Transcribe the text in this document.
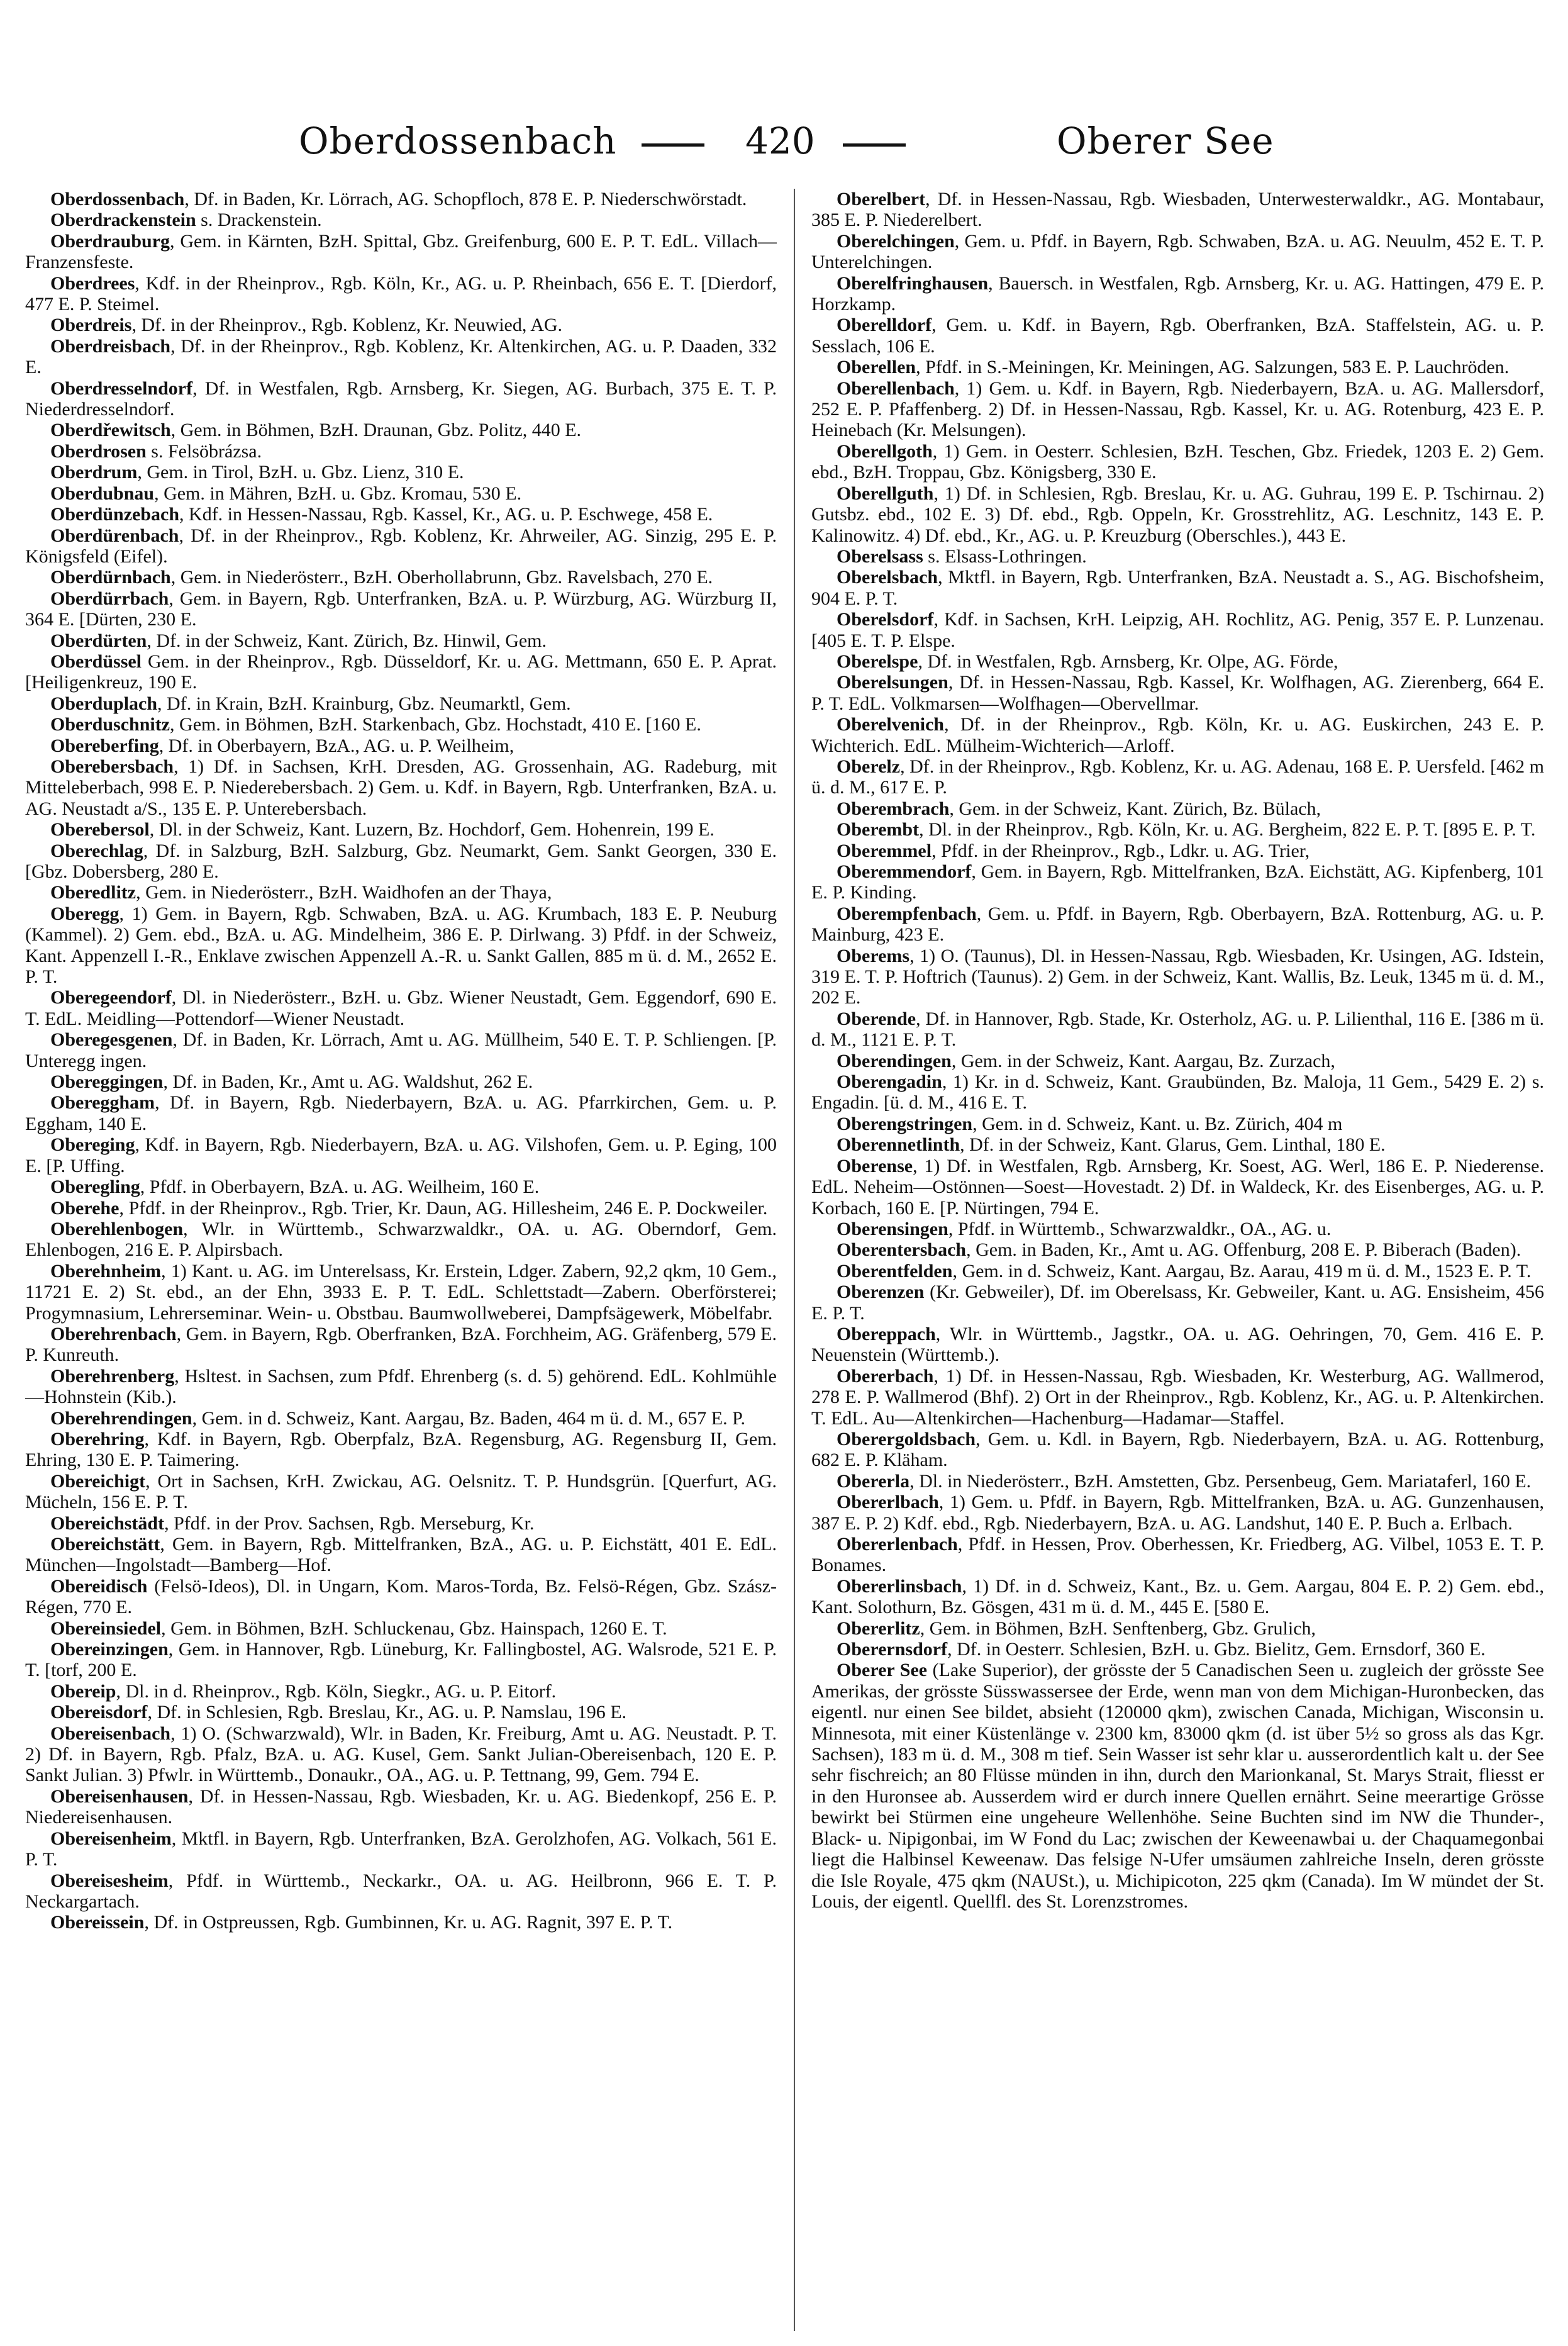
Oberdossenbach	420	Oberer See

Oberdossenbach, Df. in Baden, Kr. Lörrach, AG. Schopfloch, 878 E. P. Niederschwörstadt.

Oberdrackenstein s. Drackenstein.

Oberdrauburg, Gem. in Kärnten, BzH. Spittal, Gbz. Greifenburg, 600 E. P. T. EdL. Villach—Franzensfeste.

Oberdrees, Kdf. in der Rheinprov., Rgb. Köln, Kr., AG. u. P. Rheinbach, 656 E. T. [Dierdorf, 477 E. P. Steimel.

Oberdreis, Df. in der Rheinprov., Rgb. Koblenz, Kr. Neuwied, AG.

Oberdreisbach, Df. in der Rheinprov., Rgb. Koblenz, Kr. Altenkirchen, AG. u. P. Daaden, 332 E.

Oberdresselndorf, Df. in Westfalen, Rgb. Arnsberg, Kr. Siegen, AG. Burbach, 375 E. T. P. Niederdresselndorf.

Oberdřewitsch, Gem. in Böhmen, BzH. Draunan, Gbz. Politz, 440 E.

Oberdrosen s. Felsöbrázsa.

Oberdrum, Gem. in Tirol, BzH. u. Gbz. Lienz, 310 E.

Oberdubnau, Gem. in Mähren, BzH. u. Gbz. Kromau, 530 E.

Oberdünzebach, Kdf. in Hessen-Nassau, Rgb. Kassel, Kr., AG. u. P. Eschwege, 458 E.

Oberdürenbach, Df. in der Rheinprov., Rgb. Koblenz, Kr. Ahrweiler, AG. Sinzig, 295 E. P. Königsfeld (Eifel).

Oberdürnbach, Gem. in Niederösterr., BzH. Oberhollabrunn, Gbz. Ravelsbach, 270 E.

Oberdürrbach, Gem. in Bayern, Rgb. Unterfranken, BzA. u. P. Würzburg, AG. Würzburg II, 364 E. [Dürten, 230 E.

Oberdürten, Df. in der Schweiz, Kant. Zürich, Bz. Hinwil, Gem.

Oberdüssel Gem. in der Rheinprov., Rgb. Düsseldorf, Kr. u. AG. Mettmann, 650 E. P. Aprat. [Heiligenkreuz, 190 E.

Oberduplach, Df. in Krain, BzH. Krainburg, Gbz. Neumarktl, Gem.

Oberduschnitz, Gem. in Böhmen, BzH. Starkenbach, Gbz. Hochstadt, 410 E. [160 E.

Obereberfing, Df. in Oberbayern, BzA., AG. u. P. Weilheim,

Oberebersbach, 1) Df. in Sachsen, KrH. Dresden, AG. Grossenhain, AG. Radeburg, mit Mitteleberbach, 998 E. P. Niederebersbach. 2) Gem. u. Kdf. in Bayern, Rgb. Unterfranken, BzA. u. AG. Neustadt a/S., 135 E. P. Unterebersbach.

Oberebersol, Dl. in der Schweiz, Kant. Luzern, Bz. Hochdorf, Gem. Hohenrein, 199 E.

Oberechlag, Df. in Salzburg, BzH. Salzburg, Gbz. Neumarkt, Gem. Sankt Georgen, 330 E. [Gbz. Dobersberg, 280 E.

Oberedlitz, Gem. in Niederösterr., BzH. Waidhofen an der Thaya,

Oberegg, 1) Gem. in Bayern, Rgb. Schwaben, BzA. u. AG. Krumbach, 183 E. P. Neuburg (Kammel). 2) Gem. ebd., BzA. u. AG. Mindelheim, 386 E. P. Dirlwang. 3) Pfdf. in der Schweiz, Kant. Appenzell I.-R., Enklave zwischen Appenzell A.-R. u. Sankt Gallen, 885 m ü. d. M., 2652 E. P. T.

Oberegeendorf, Dl. in Niederösterr., BzH. u. Gbz. Wiener Neustadt, Gem. Eggendorf, 690 E. T. EdL. Meidling—Pottendorf—Wiener Neustadt.

Oberegesgenen, Df. in Baden, Kr. Lörrach, Amt u. AG. Müllheim, 540 E. T. P. Schliengen. [P. Unteregg ingen.

Obereggingen, Df. in Baden, Kr., Amt u. AG. Waldshut, 262 E.

Obereggham, Df. in Bayern, Rgb. Niederbayern, BzA. u. AG. Pfarrkirchen, Gem. u. P. Eggham, 140 E.

Obereging, Kdf. in Bayern, Rgb. Niederbayern, BzA. u. AG. Vilshofen, Gem. u. P. Eging, 100 E. [P. Uffing.

Oberegling, Pfdf. in Oberbayern, BzA. u. AG. Weilheim, 160 E.

Oberehe, Pfdf. in der Rheinprov., Rgb. Trier, Kr. Daun, AG. Hillesheim, 246 E. P. Dockweiler.

Oberehlenbogen, Wlr. in Württemb., Schwarzwaldkr., OA. u. AG. Oberndorf, Gem. Ehlenbogen, 216 E. P. Alpirsbach.

Oberehnheim, 1) Kant. u. AG. im Unterelsass, Kr. Erstein, Ldger. Zabern, 92,2 qkm, 10 Gem., 11721 E. 2) St. ebd., an der Ehn, 3933 E. P. T. EdL. Schlettstadt—Zabern. Oberförsterei; Progymnasium, Lehrerseminar. Wein- u. Obstbau. Baumwollweberei, Dampfsägewerk, Möbelfabr.

Oberehrenbach, Gem. in Bayern, Rgb. Oberfranken, BzA. Forchheim, AG. Gräfenberg, 579 E. P. Kunreuth.

Oberehrenberg, Hsltest. in Sachsen, zum Pfdf. Ehrenberg (s. d. 5) gehörend. EdL. Kohlmühle—Hohnstein (Kib.).

Oberehrendingen, Gem. in d. Schweiz, Kant. Aargau, Bz. Baden, 464 m ü. d. M., 657 E. P.

Oberehring, Kdf. in Bayern, Rgb. Oberpfalz, BzA. Regensburg, AG. Regensburg II, Gem. Ehring, 130 E. P. Taimering.

Obereichigt, Ort in Sachsen, KrH. Zwickau, AG. Oelsnitz. T. P. Hundsgrün. [Querfurt, AG. Mücheln, 156 E. P. T.

Obereichstädt, Pfdf. in der Prov. Sachsen, Rgb. Merseburg, Kr.

Obereichstätt, Gem. in Bayern, Rgb. Mittelfranken, BzA., AG. u. P. Eichstätt, 401 E. EdL. München—Ingolstadt—Bamberg—Hof.

Obereidisch (Felsö-Ideos), Dl. in Ungarn, Kom. Maros-Torda, Bz. Felsö-Régen, Gbz. Szász-Régen, 770 E.

Obereinsiedel, Gem. in Böhmen, BzH. Schluckenau, Gbz. Hainspach, 1260 E. T.

Obereinzingen, Gem. in Hannover, Rgb. Lüneburg, Kr. Fallingbostel, AG. Walsrode, 521 E. P. T. [torf, 200 E.

Obereip, Dl. in d. Rheinprov., Rgb. Köln, Siegkr., AG. u. P. Eitorf.

Obereisdorf, Df. in Schlesien, Rgb. Breslau, Kr., AG. u. P. Namslau, 196 E.

Obereisenbach, 1) O. (Schwarzwald), Wlr. in Baden, Kr. Freiburg, Amt u. AG. Neustadt. P. T. 2) Df. in Bayern, Rgb. Pfalz, BzA. u. AG. Kusel, Gem. Sankt Julian-Obereisenbach, 120 E. P. Sankt Julian. 3) Pfwlr. in Württemb., Donaukr., OA., AG. u. P. Tettnang, 99, Gem. 794 E.

Obereisenhausen, Df. in Hessen-Nassau, Rgb. Wiesbaden, Kr. u. AG. Biedenkopf, 256 E. P. Niedereisenhausen.

Obereisenheim, Mktfl. in Bayern, Rgb. Unterfranken, BzA. Gerolzhofen, AG. Volkach, 561 E. P. T.

Obereisesheim, Pfdf. in Württemb., Neckarkr., OA. u. AG. Heilbronn, 966 E. T. P. Neckargartach.

Obereissein, Df. in Ostpreussen, Rgb. Gumbinnen, Kr. u. AG. Ragnit, 397 E. P. T.

Oberelbert, Df. in Hessen-Nassau, Rgb. Wiesbaden, Unterwesterwaldkr., AG. Montabaur, 385 E. P. Niederelbert.

Oberelchingen, Gem. u. Pfdf. in Bayern, Rgb. Schwaben, BzA. u. AG. Neuulm, 452 E. T. P. Unterelchingen.

Oberelfringhausen, Bauersch. in Westfalen, Rgb. Arnsberg, Kr. u. AG. Hattingen, 479 E. P. Horzkamp.

Oberelldorf, Gem. u. Kdf. in Bayern, Rgb. Oberfranken, BzA. Staffelstein, AG. u. P. Sesslach, 106 E.

Oberellen, Pfdf. in S.-Meiningen, Kr. Meiningen, AG. Salzungen, 583 E. P. Lauchröden.

Oberellenbach, 1) Gem. u. Kdf. in Bayern, Rgb. Niederbayern, BzA. u. AG. Mallersdorf, 252 E. P. Pfaffenberg. 2) Df. in Hessen-Nassau, Rgb. Kassel, Kr. u. AG. Rotenburg, 423 E. P. Heinebach (Kr. Melsungen).

Oberellgoth, 1) Gem. in Oesterr. Schlesien, BzH. Teschen, Gbz. Friedek, 1203 E. 2) Gem. ebd., BzH. Troppau, Gbz. Königsberg, 330 E.

Oberellguth, 1) Df. in Schlesien, Rgb. Breslau, Kr. u. AG. Guhrau, 199 E. P. Tschirnau. 2) Gutsbz. ebd., 102 E. 3) Df. ebd., Rgb. Oppeln, Kr. Grosstrehlitz, AG. Leschnitz, 143 E. P. Kalinowitz. 4) Df. ebd., Kr., AG. u. P. Kreuzburg (Oberschles.), 443 E.

Oberelsass s. Elsass-Lothringen.

Oberelsbach, Mktfl. in Bayern, Rgb. Unterfranken, BzA. Neustadt a. S., AG. Bischofsheim, 904 E. P. T.

Oberelsdorf, Kdf. in Sachsen, KrH. Leipzig, AH. Rochlitz, AG. Penig, 357 E. P. Lunzenau. [405 E. T. P. Elspe.

Oberelspe, Df. in Westfalen, Rgb. Arnsberg, Kr. Olpe, AG. Förde,

Oberelsungen, Df. in Hessen-Nassau, Rgb. Kassel, Kr. Wolfhagen, AG. Zierenberg, 664 E. P. T. EdL. Volkmarsen—Wolfhagen—Obervellmar.

Oberelvenich, Df. in der Rheinprov., Rgb. Köln, Kr. u. AG. Euskirchen, 243 E. P. Wichterich. EdL. Mülheim-Wichterich—Arloff.

Oberelz, Df. in der Rheinprov., Rgb. Koblenz, Kr. u. AG. Adenau, 168 E. P. Uersfeld. [462 m ü. d. M., 617 E. P.

Oberembrach, Gem. in der Schweiz, Kant. Zürich, Bz. Bülach,

Oberembt, Dl. in der Rheinprov., Rgb. Köln, Kr. u. AG. Bergheim, 822 E. P. T. [895 E. P. T.

Oberemmel, Pfdf. in der Rheinprov., Rgb., Ldkr. u. AG. Trier,

Oberemmendorf, Gem. in Bayern, Rgb. Mittelfranken, BzA. Eichstätt, AG. Kipfenberg, 101 E. P. Kinding.

Oberempfenbach, Gem. u. Pfdf. in Bayern, Rgb. Oberbayern, BzA. Rottenburg, AG. u. P. Mainburg, 423 E.

Oberems, 1) O. (Taunus), Dl. in Hessen-Nassau, Rgb. Wiesbaden, Kr. Usingen, AG. Idstein, 319 E. T. P. Hoftrich (Taunus). 2) Gem. in der Schweiz, Kant. Wallis, Bz. Leuk, 1345 m ü. d. M., 202 E.

Oberende, Df. in Hannover, Rgb. Stade, Kr. Osterholz, AG. u. P. Lilienthal, 116 E. [386 m ü. d. M., 1121 E. P. T.

Oberendingen, Gem. in der Schweiz, Kant. Aargau, Bz. Zurzach,

Oberengadin, 1) Kr. in d. Schweiz, Kant. Graubünden, Bz. Maloja, 11 Gem., 5429 E. 2) s. Engadin. [ü. d. M., 416 E. T.

Oberengstringen, Gem. in d. Schweiz, Kant. u. Bz. Zürich, 404 m

Oberennetlinth, Df. in der Schweiz, Kant. Glarus, Gem. Linthal, 180 E.

Oberense, 1) Df. in Westfalen, Rgb. Arnsberg, Kr. Soest, AG. Werl, 186 E. P. Niederense. EdL. Neheim—Ostönnen—Soest—Hovestadt. 2) Df. in Waldeck, Kr. des Eisenberges, AG. u. P. Korbach, 160 E. [P. Nürtingen, 794 E.

Oberensingen, Pfdf. in Württemb., Schwarzwaldkr., OA., AG. u.

Oberentersbach, Gem. in Baden, Kr., Amt u. AG. Offenburg, 208 E. P. Biberach (Baden).

Oberentfelden, Gem. in d. Schweiz, Kant. Aargau, Bz. Aarau, 419 m ü. d. M., 1523 E. P. T.

Oberenzen (Kr. Gebweiler), Df. im Oberelsass, Kr. Gebweiler, Kant. u. AG. Ensisheim, 456 E. P. T.

Obereppach, Wlr. in Württemb., Jagstkr., OA. u. AG. Oehringen, 70, Gem. 416 E. P. Neuenstein (Württemb.).

Obererbach, 1) Df. in Hessen-Nassau, Rgb. Wiesbaden, Kr. Westerburg, AG. Wallmerod, 278 E. P. Wallmerod (Bhf). 2) Ort in der Rheinprov., Rgb. Koblenz, Kr., AG. u. P. Altenkirchen. T. EdL. Au—Altenkirchen—Hachenburg—Hadamar—Staffel.

Oberergoldsbach, Gem. u. Kdl. in Bayern, Rgb. Niederbayern, BzA. u. AG. Rottenburg, 682 E. P. Kläham.

Obererla, Dl. in Niederösterr., BzH. Amstetten, Gbz. Persenbeug, Gem. Mariataferl, 160 E.

Obererlbach, 1) Gem. u. Pfdf. in Bayern, Rgb. Mittelfranken, BzA. u. AG. Gunzenhausen, 387 E. P. 2) Kdf. ebd., Rgb. Niederbayern, BzA. u. AG. Landshut, 140 E. P. Buch a. Erlbach.

Obererlenbach, Pfdf. in Hessen, Prov. Oberhessen, Kr. Friedberg, AG. Vilbel, 1053 E. T. P. Bonames.

Obererlinsbach, 1) Df. in d. Schweiz, Kant., Bz. u. Gem. Aargau, 804 E. P. 2) Gem. ebd., Kant. Solothurn, Bz. Gösgen, 431 m ü. d. M., 445 E. [580 E.

Obererlitz, Gem. in Böhmen, BzH. Senftenberg, Gbz. Grulich,

Oberernsdorf, Df. in Oesterr. Schlesien, BzH. u. Gbz. Bielitz, Gem. Ernsdorf, 360 E.

Oberer See (Lake Superior), der grösste der 5 Canadischen Seen u. zugleich der grösste See Amerikas, der grösste Süsswassersee der Erde, wenn man von dem Michigan-Huronbecken, das eigentl. nur einen See bildet, absieht (120000 qkm), zwischen Canada, Michigan, Wisconsin u. Minnesota, mit einer Küstenlänge v. 2300 km, 83000 qkm (d. ist über 5½ so gross als das Kgr. Sachsen), 183 m ü. d. M., 308 m tief. Sein Wasser ist sehr klar u. ausserordentlich kalt u. der See sehr fischreich; an 80 Flüsse münden in ihn, durch den Marionkanal, St. Marys Strait, fliesst er in den Huronsee ab. Ausserdem wird er durch innere Quellen ernährt. Seine meerartige Grösse bewirkt bei Stürmen eine ungeheure Wellenhöhe. Seine Buchten sind im NW die Thunder-, Black- u. Nipigonbai, im W Fond du Lac; zwischen der Keweenawbai u. der Chaquamegonbai liegt die Halbinsel Keweenaw. Das felsige N-Ufer umsäumen zahlreiche Inseln, deren grösste die Isle Royale, 475 qkm (NAUSt.), u. Michipicoton, 225 qkm (Canada). Im W mündet der St. Louis, der eigentl. Quellfl. des St. Lorenzstromes.
